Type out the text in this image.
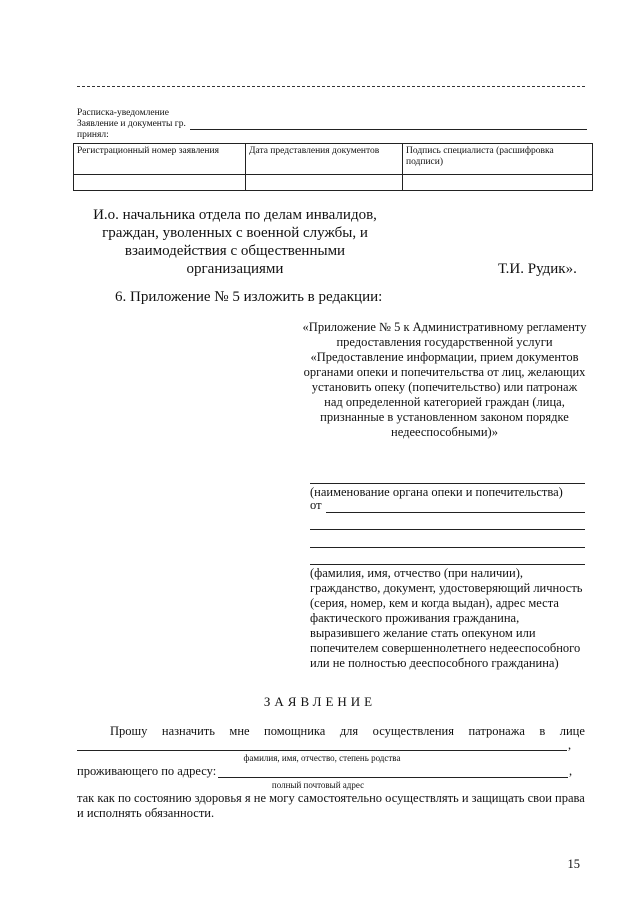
Расписка-уведомление
Заявление и документы гр.
принял:
Регистрационный номер заявления	Дата представления документов	Подпись специалиста (расшифровка подписи)

И.о. начальника отдела по делам инвалидов, граждан, уволенных с военной службы, и взаимодействия с общественными организациями	Т.И. Рудик».
6. Приложение № 5 изложить в редакции:
«Приложение № 5 к Административному регламенту предоставления государственной услуги «Предоставление информации, прием документов органами опеки и попечительства от лиц, желающих установить опеку (попечительство) или патронаж над определенной категорией граждан (лица, признанные в установленном законом порядке недееспособными)»
(наименование органа опеки и попечительства)
от
(фамилия, имя, отчество (при наличии), гражданство, документ, удостоверяющий личность (серия, номер, кем и когда выдан), адрес места фактического проживания гражданина, выразившего желание стать опекуном или попечителем совершеннолетнего недееспособного или не полностью дееспособного гражданина)
ЗАЯВЛЕНИЕ
Прошу назначить мне помощника для осуществления патронажа в лице
,
фамилия, имя, отчество, степень родства
проживающего по адресу:	,
полный почтовый адрес
так как по состоянию здоровья я не могу самостоятельно осуществлять и защищать свои права и исполнять обязанности.
15
